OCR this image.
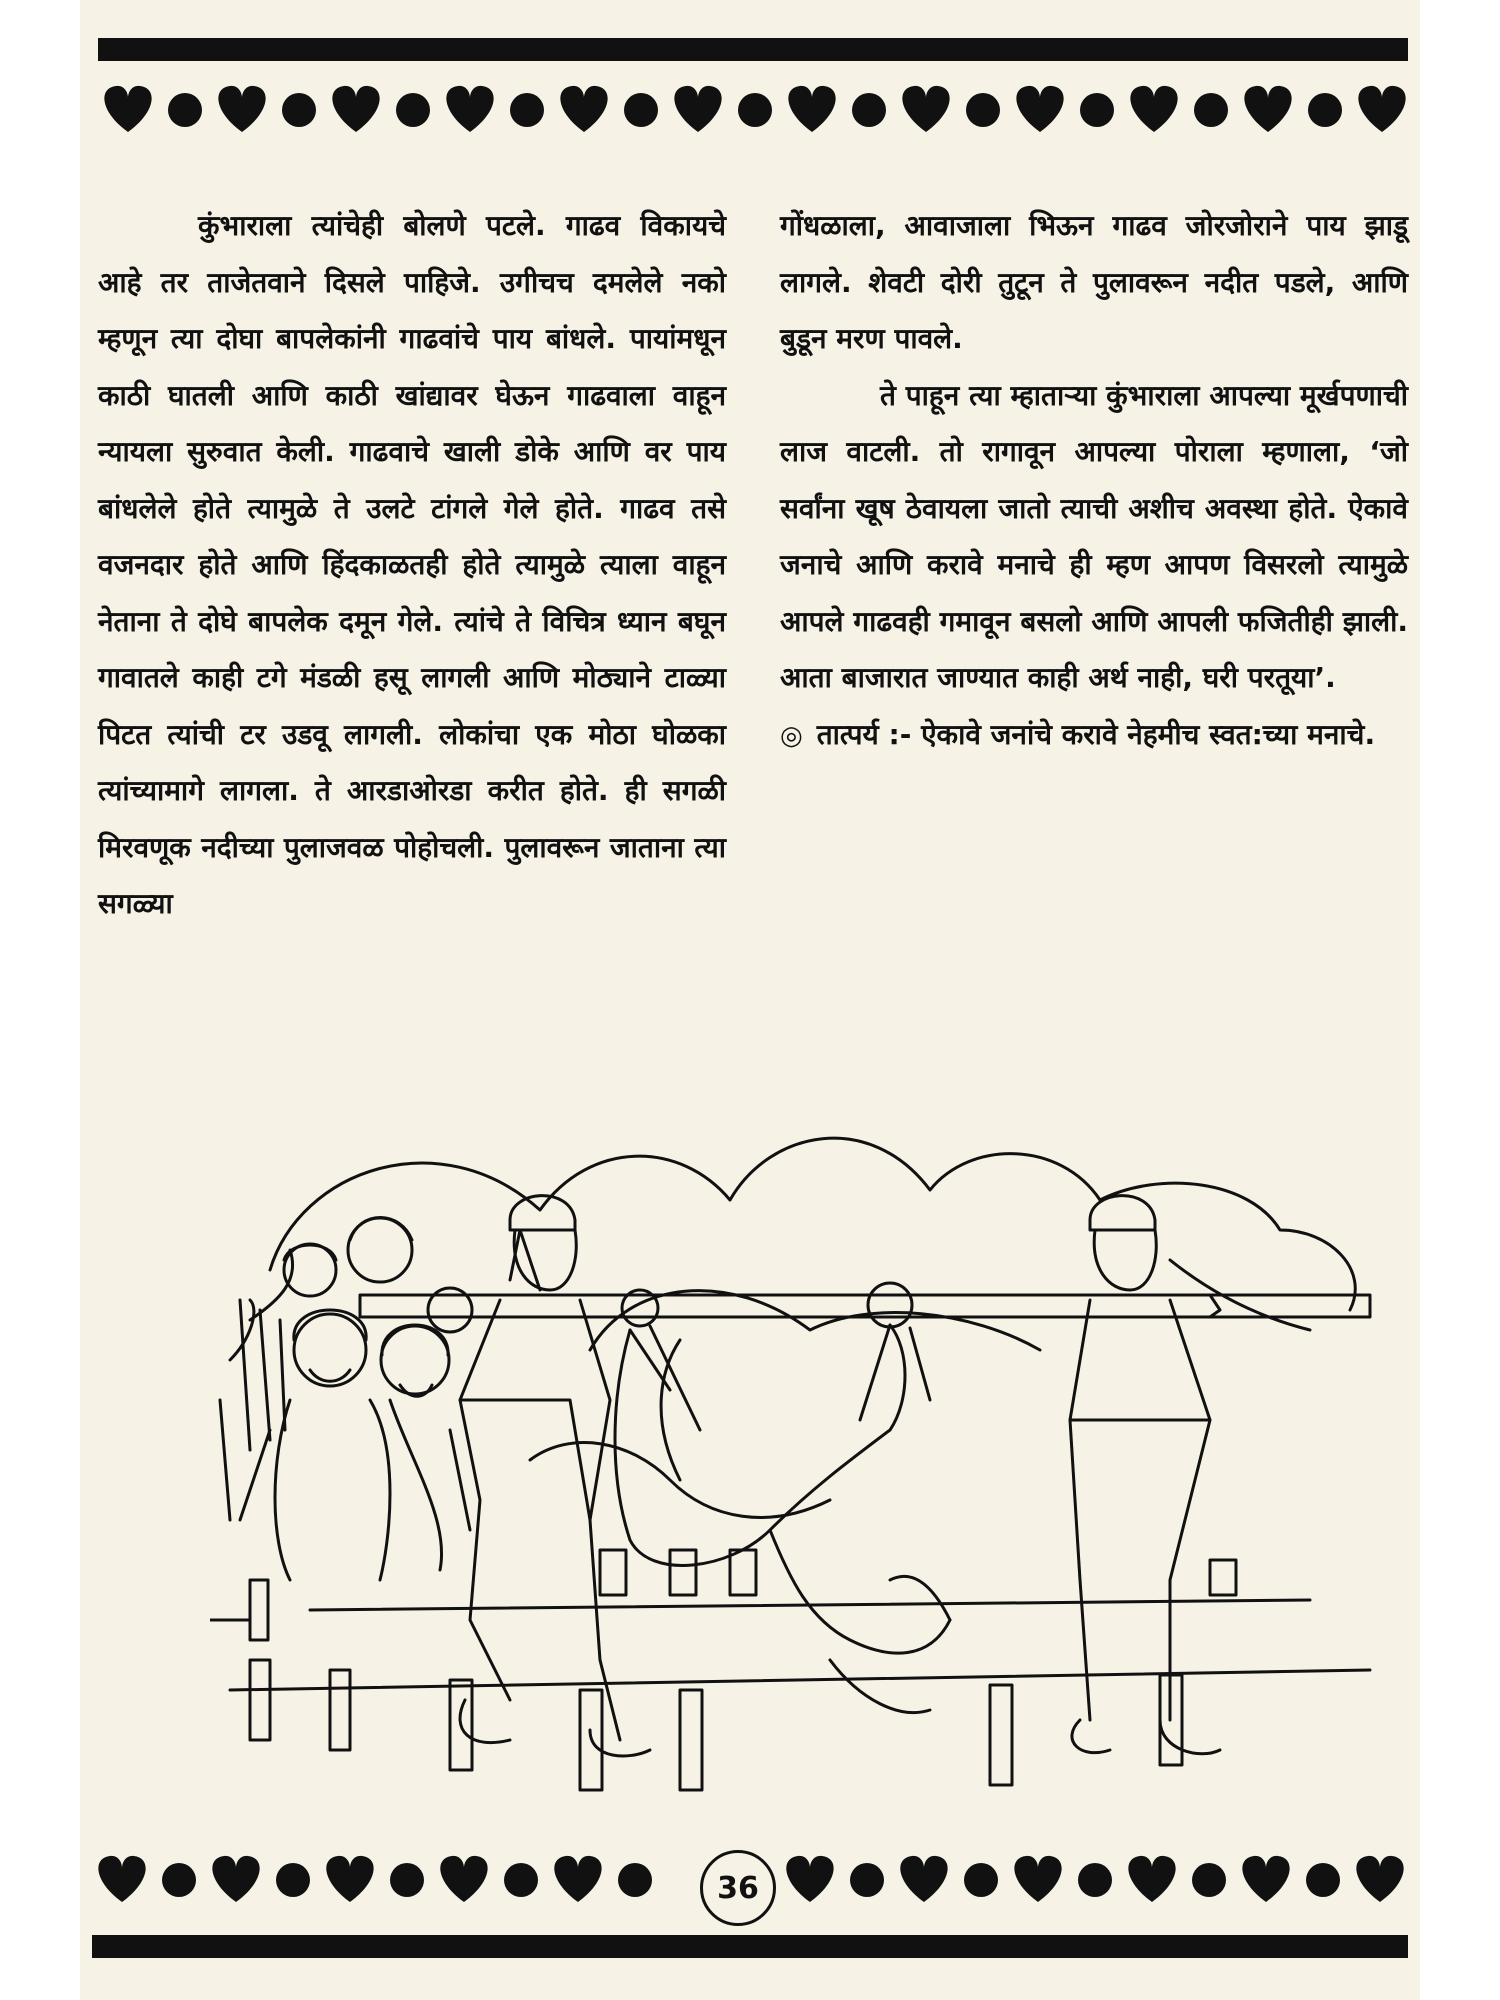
कुंभाराला त्यांचेही बोलणे पटले. गाढव विकायचे आहे तर ताजेतवाने दिसले पाहिजे. उगीचच दमलेले नको म्हणून त्या दोघा बापलेकांनी गाढवांचे पाय बांधले. पायांमधून काठी घातली आणि काठी खांद्यावर घेऊन गाढवाला वाहून न्यायला सुरुवात केली. गाढवाचे खाली डोके आणि वर पाय बांधलेले होते त्यामुळे ते उलटे टांगले गेले होते. गाढव तसे वजनदार होते आणि हिंदकाळतही होते त्यामुळे त्याला वाहून नेताना ते दोघे बापलेक दमून गेले. त्यांचे ते विचित्र ध्यान बघून गावातले काही टगे मंडळी हसू लागली आणि मोठ्याने टाळ्या पिटत त्यांची टर उडवू लागली. लोकांचा एक मोठा घोळका त्यांच्यामागे लागला. ते आरडाओरडा करीत होते. ही सगळी मिरवणूक नदीच्या पुलाजवळ पोहोचली. पुलावरून जाताना त्या सगळ्या

गोंधळाला, आवाजाला भिऊन गाढव जोरजोराने पाय झाडू लागले. शेवटी दोरी तुटून ते पुलावरून नदीत पडले, आणि बुडून मरण पावले.

ते पाहून त्या म्हाताऱ्या कुंभाराला आपल्या मूर्खपणाची लाज वाटली. तो रागावून आपल्या पोराला म्हणाला, ‘जो सर्वांना खूष ठेवायला जातो त्याची अशीच अवस्था होते. ऐकावे जनाचे आणि करावे मनाचे ही म्हण आपण विसरलो त्यामुळे आपले गाढवही गमावून बसलो आणि आपली फजितीही झाली. आता बाजारात जाण्यात काही अर्थ नाही, घरी परतूया’.

◎ तात्पर्य :- ऐकावे जनांचे करावे नेहमीच स्वत:च्या मनाचे.

36
